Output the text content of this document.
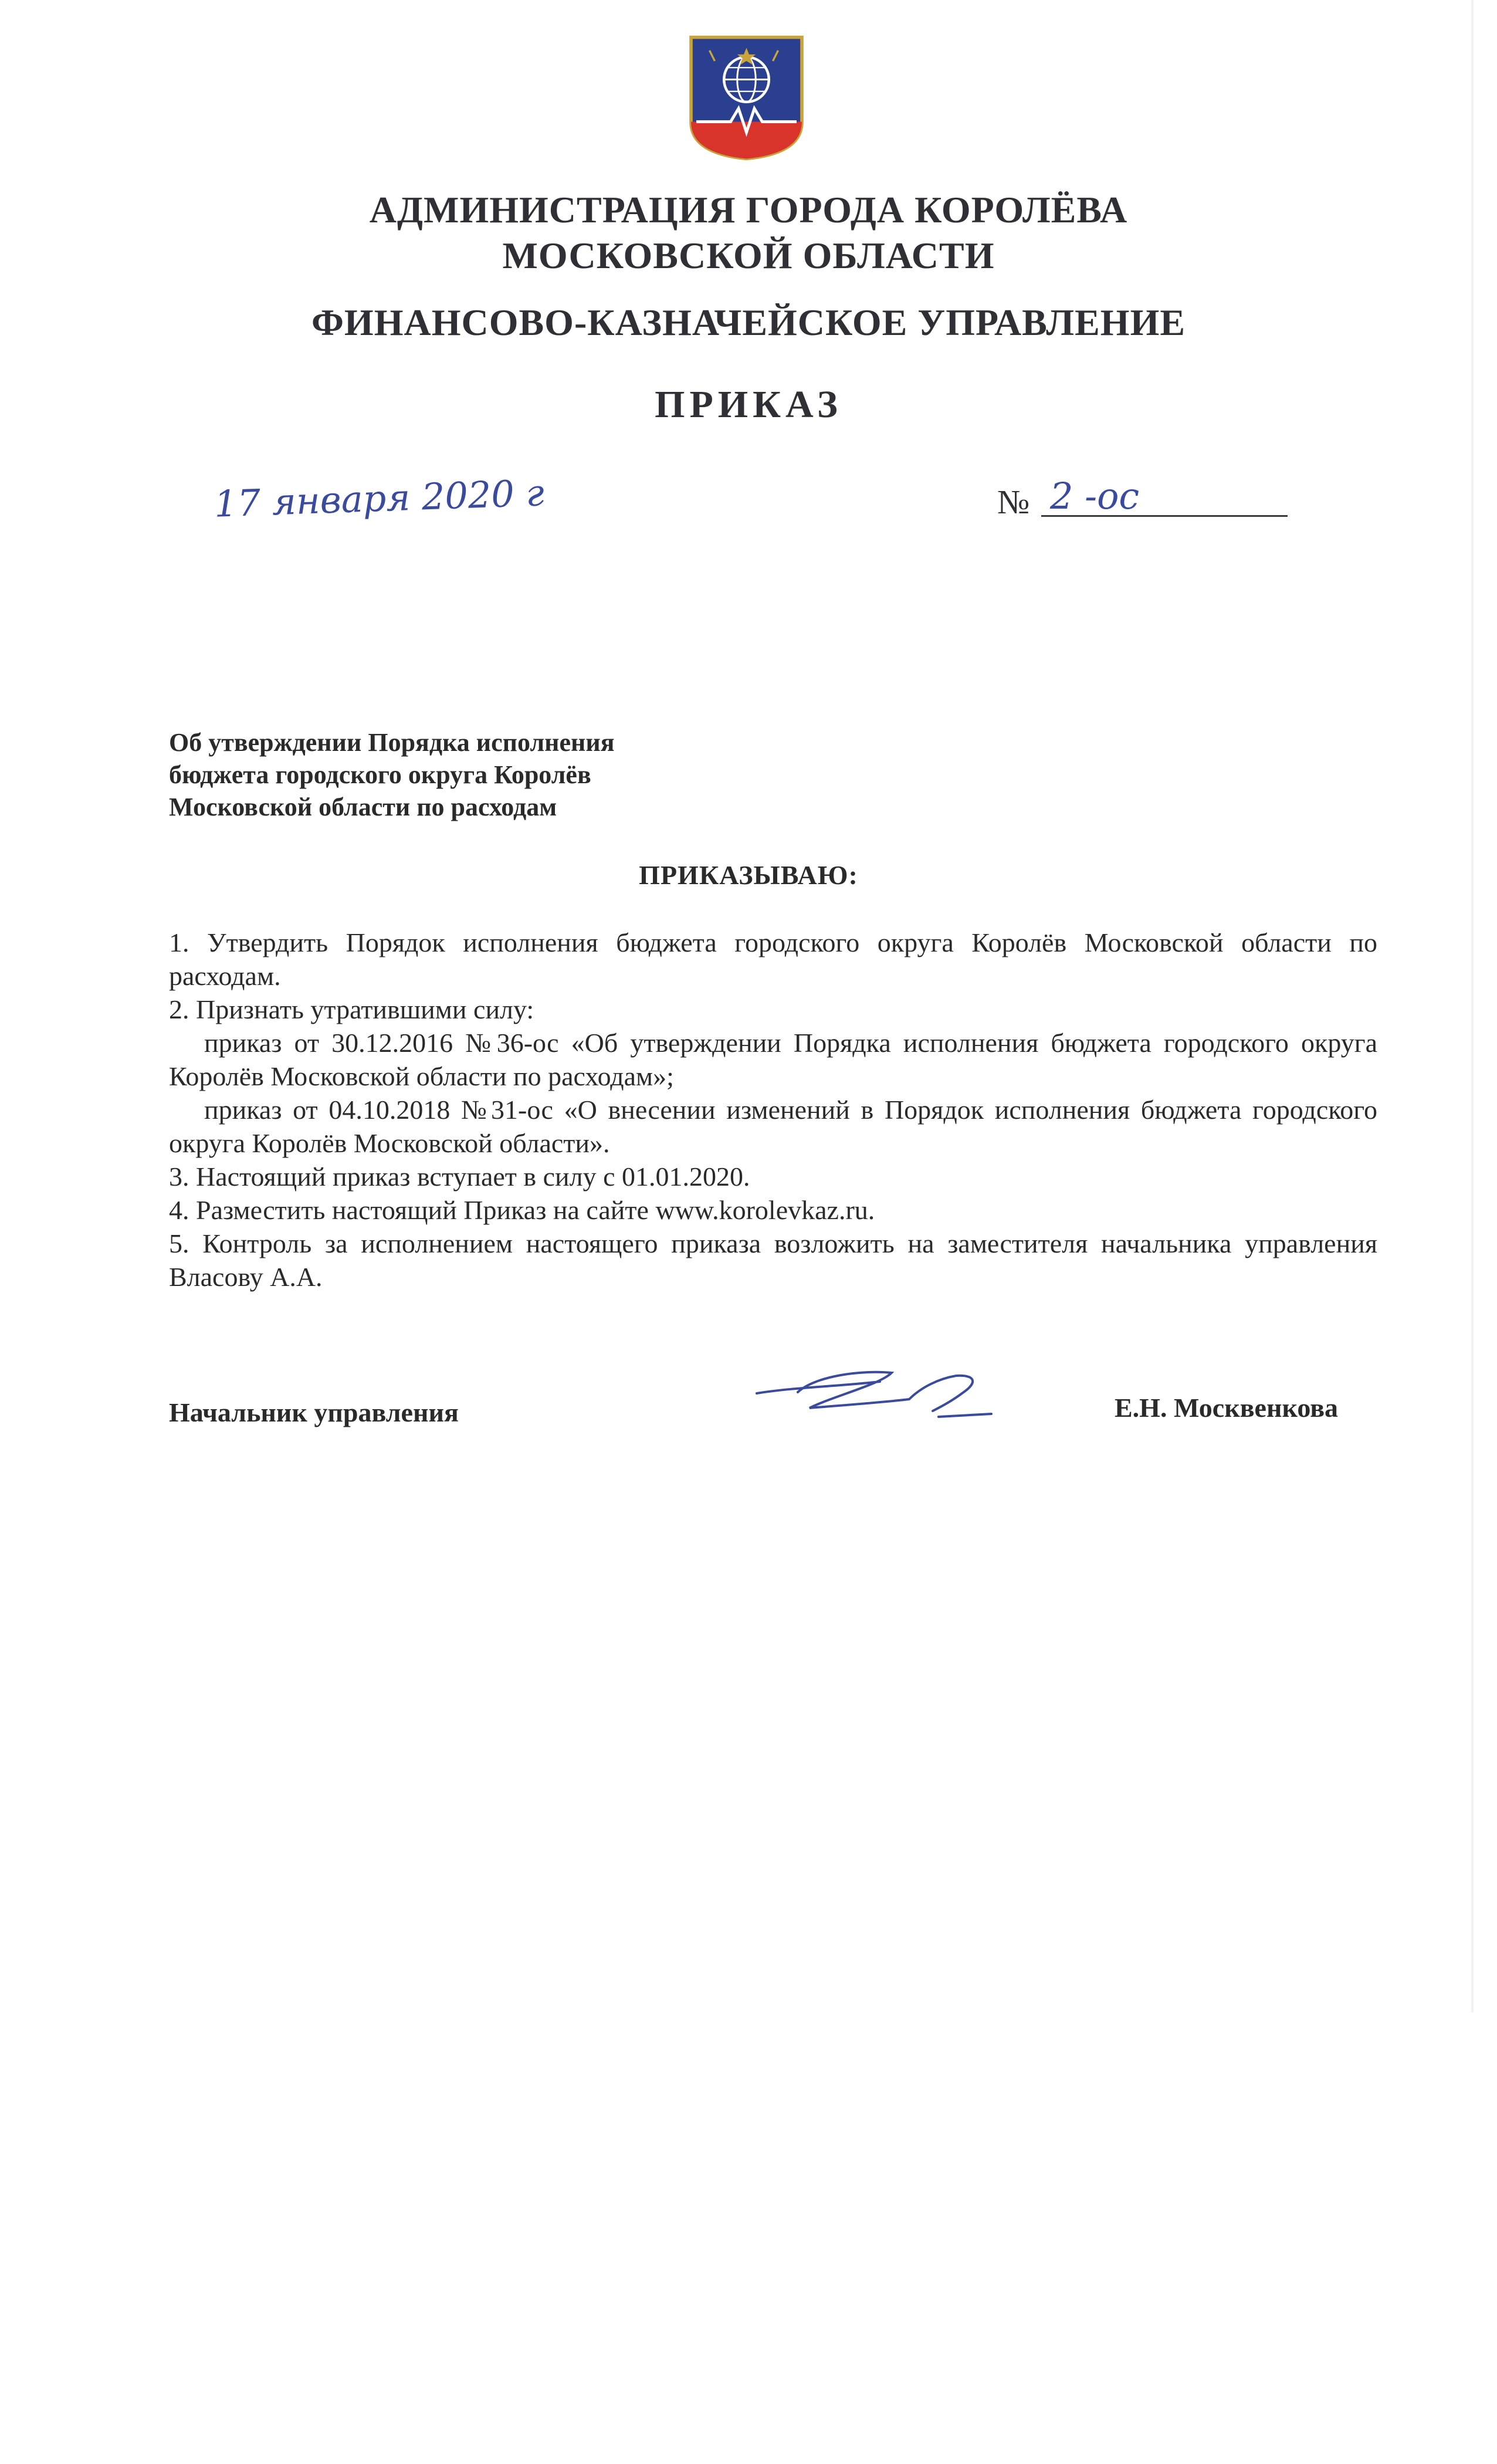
АДМИНИСТРАЦИЯ ГОРОДА КОРОЛЁВА
МОСКОВСКОЙ ОБЛАСТИ
ФИНАНСОВО-КАЗНАЧЕЙСКОЕ УПРАВЛЕНИЕ
ПРИКАЗ
17 января 2020 г	№ 2 -ос
Об утверждении Порядка исполнения
бюджета городского округа Королёв
Московской области по расходам
ПРИКАЗЫВАЮ:

1. Утвердить Порядок исполнения бюджета городского округа Королёв Московской области по расходам.

2. Признать утратившими силу:

приказ от 30.12.2016 №36-ос «Об утверждении Порядка исполнения бюджета городского округа Королёв Московской области по расходам»;

приказ от 04.10.2018 №31-ос «О внесении изменений в Порядок исполнения бюджета городского округа Королёв Московской области».

3. Настоящий приказ вступает в силу с 01.01.2020.

4. Разместить настоящий Приказ на сайте www.korolevkaz.ru.

5. Контроль за исполнением настоящего приказа возложить на заместителя начальника управления Власову А.А.

Начальник управления	Е.Н. Москвенкова
